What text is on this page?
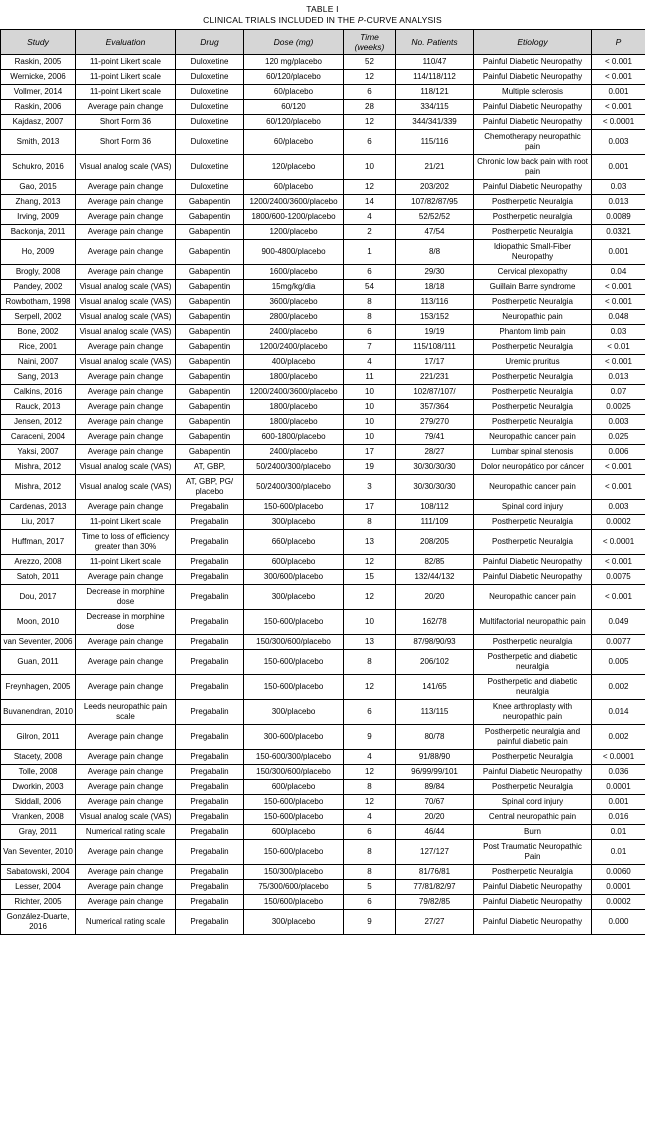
TABLE I
CLINICAL TRIALS INCLUDED IN THE P-CURVE ANALYSIS
Study	Evaluation	Drug	Dose (mg)	Time (weeks)	No. Patients	Etiology	P
Raskin, 2005	11-point Likert scale	Duloxetine	120 mg/placebo	52	110/47	Painful Diabetic Neuropathy	< 0.001
Wernicke, 2006	11-point Likert scale	Duloxetine	60/120/placebo	12	114/118/112	Painful Diabetic Neuropathy	< 0.001
Vollmer, 2014	11-point Likert scale	Duloxetine	60/placebo	6	118/121	Multiple sclerosis	0.001
Raskin, 2006	Average pain change	Duloxetine	60/120	28	334/115	Painful Diabetic Neuropathy	< 0.001
Kajdasz, 2007	Short Form 36	Duloxetine	60/120/placebo	12	344/341/339	Painful Diabetic Neuropathy	< 0.0001
Smith, 2013	Short Form 36	Duloxetine	60/placebo	6	115/116	Chemotherapy neuropathic pain	0.003
Schukro, 2016	Visual analog scale (VAS)	Duloxetine	120/placebo	10	21/21	Chronic low back pain with root pain	0.001
Gao, 2015	Average pain change	Duloxetine	60/placebo	12	203/202	Painful Diabetic Neuropathy	0.03
Zhang, 2013	Average pain change	Gabapentin	1200/2400/3600/placebo	14	107/82/87/95	Postherpetic Neuralgia	0.013
Irving, 2009	Average pain change	Gabapentin	1800/600-1200/placebo	4	52/52/52	Postherpetic neuralgia	0.0089
Backonja, 2011	Average pain change	Gabapentin	1200/placebo	2	47/54	Postherpetic Neuralgia	0.0321
Ho, 2009	Average pain change	Gabapentin	900-4800/placebo	1	8/8	Idiopathic Small-Fiber Neuropathy	0.001
Brogly, 2008	Average pain change	Gabapentin	1600/placebo	6	29/30	Cervical plexopathy	0.04
Pandey, 2002	Visual analog scale (VAS)	Gabapentin	15mg/kg/dia	54	18/18	Guillain Barre syndrome	< 0.001
Rowbotham, 1998	Visual analog scale (VAS)	Gabapentin	3600/placebo	8	113/116	Postherpetic Neuralgia	< 0.001
Serpell, 2002	Visual analog scale (VAS)	Gabapentin	2800/placebo	8	153/152	Neuropathic pain	0.048
Bone, 2002	Visual analog scale (VAS)	Gabapentin	2400/placebo	6	19/19	Phantom limb pain	0.03
Rice, 2001	Average pain change	Gabapentin	1200/2400/placebo	7	115/108/111	Postherpetic Neuralgia	< 0.01
Naini, 2007	Visual analog scale (VAS)	Gabapentin	400/placebo	4	17/17	Uremic pruritus	< 0.001
Sang, 2013	Average pain change	Gabapentin	1800/placebo	11	221/231	Postherpetic Neuralgia	0.013
Calkins, 2016	Average pain change	Gabapentin	1200/2400/3600/placebo	10	102/87/107/	Postherpetic Neuralgia	0.07
Rauck, 2013	Average pain change	Gabapentin	1800/placebo	10	357/364	Postherpetic Neuralgia	0.0025
Jensen, 2012	Average pain change	Gabapentin	1800/placebo	10	279/270	Postherpetic Neuralgia	0.003
Caraceni, 2004	Average pain change	Gabapentin	600-1800/placebo	10	79/41	Neuropathic cancer pain	0.025
Yaksi, 2007	Average pain change	Gabapentin	2400/placebo	17	28/27	Lumbar spinal stenosis	0.006
Mishra, 2012	Visual analog scale (VAS)	AT, GBP,	50/2400/300/placebo	19	30/30/30/30	Dolor neuropático por cáncer	< 0.001
Mishra, 2012	Visual analog scale (VAS)	AT, GBP, PG/ placebo	50/2400/300/placebo	3	30/30/30/30	Neuropathic cancer pain	< 0.001
Cardenas, 2013	Average pain change	Pregabalin	150-600/placebo	17	108/112	Spinal cord injury	0.003
Liu, 2017	11-point Likert scale	Pregabalin	300/placebo	8	111/109	Postherpetic Neuralgia	0.0002
Huffman, 2017	Time to loss of efficiency greater than 30%	Pregabalin	660/placebo	13	208/205	Postherpetic Neuralgia	< 0.0001
Arezzo, 2008	11-point Likert scale	Pregabalin	600/placebo	12	82/85	Painful Diabetic Neuropathy	< 0.001
Satoh, 2011	Average pain change	Pregabalin	300/600/placebo	15	132/44/132	Painful Diabetic Neuropathy	0.0075
Dou, 2017	Decrease in morphine dose	Pregabalin	300/placebo	12	20/20	Neuropathic cancer pain	< 0.001
Moon, 2010	Decrease in morphine dose	Pregabalin	150-600/placebo	10	162/78	Multifactorial neuropathic pain	0.049
van Seventer, 2006	Average pain change	Pregabalin	150/300/600/placebo	13	87/98/90/93	Postherpetic neuralgia	0.0077
Guan, 2011	Average pain change	Pregabalin	150-600/placebo	8	206/102	Postherpetic and diabetic neuralgia	0.005
Freynhagen, 2005	Average pain change	Pregabalin	150-600/placebo	12	141/65	Postherpetic and diabetic neuralgia	0.002
Buvanendran, 2010	Leeds neuropathic pain scale	Pregabalin	300/placebo	6	113/115	Knee arthroplasty with neuropathic pain	0.014
Gilron, 2011	Average pain change	Pregabalin	300-600/placebo	9	80/78	Postherpetic neuralgia and painful diabetic pain	0.002
Stacety, 2008	Average pain change	Pregabalin	150-600/300/placebo	4	91/88/90	Postherpetic Neuralgia	< 0.0001
Tolle, 2008	Average pain change	Pregabalin	150/300/600/placebo	12	96/99/99/101	Painful Diabetic Neuropathy	0.036
Dworkin, 2003	Average pain change	Pregabalin	600/placebo	8	89/84	Postherpetic Neuralgia	0.0001
Siddall, 2006	Average pain change	Pregabalin	150-600/placebo	12	70/67	Spinal cord injury	0.001
Vranken, 2008	Visual analog scale (VAS)	Pregabalin	150-600/placebo	4	20/20	Central neuropathic pain	0.016
Gray, 2011	Numerical rating scale	Pregabalin	600/placebo	6	46/44	Burn	0.01
Van Seventer, 2010	Average pain change	Pregabalin	150-600/placebo	8	127/127	Post Traumatic Neuropathic Pain	0.01
Sabatowski, 2004	Average pain change	Pregabalin	150/300/placebo	8	81/76/81	Postherpetic Neuralgia	0.0060
Lesser, 2004	Average pain change	Pregabalin	75/300/600/placebo	5	77/81/82/97	Painful Diabetic Neuropathy	0.0001
Richter, 2005	Average pain change	Pregabalin	150/600/placebo	6	79/82/85	Painful Diabetic Neuropathy	0.0002
González-Duarte, 2016	Numerical rating scale	Pregabalin	300/placebo	9	27/27	Painful Diabetic Neuropathy	0.000
